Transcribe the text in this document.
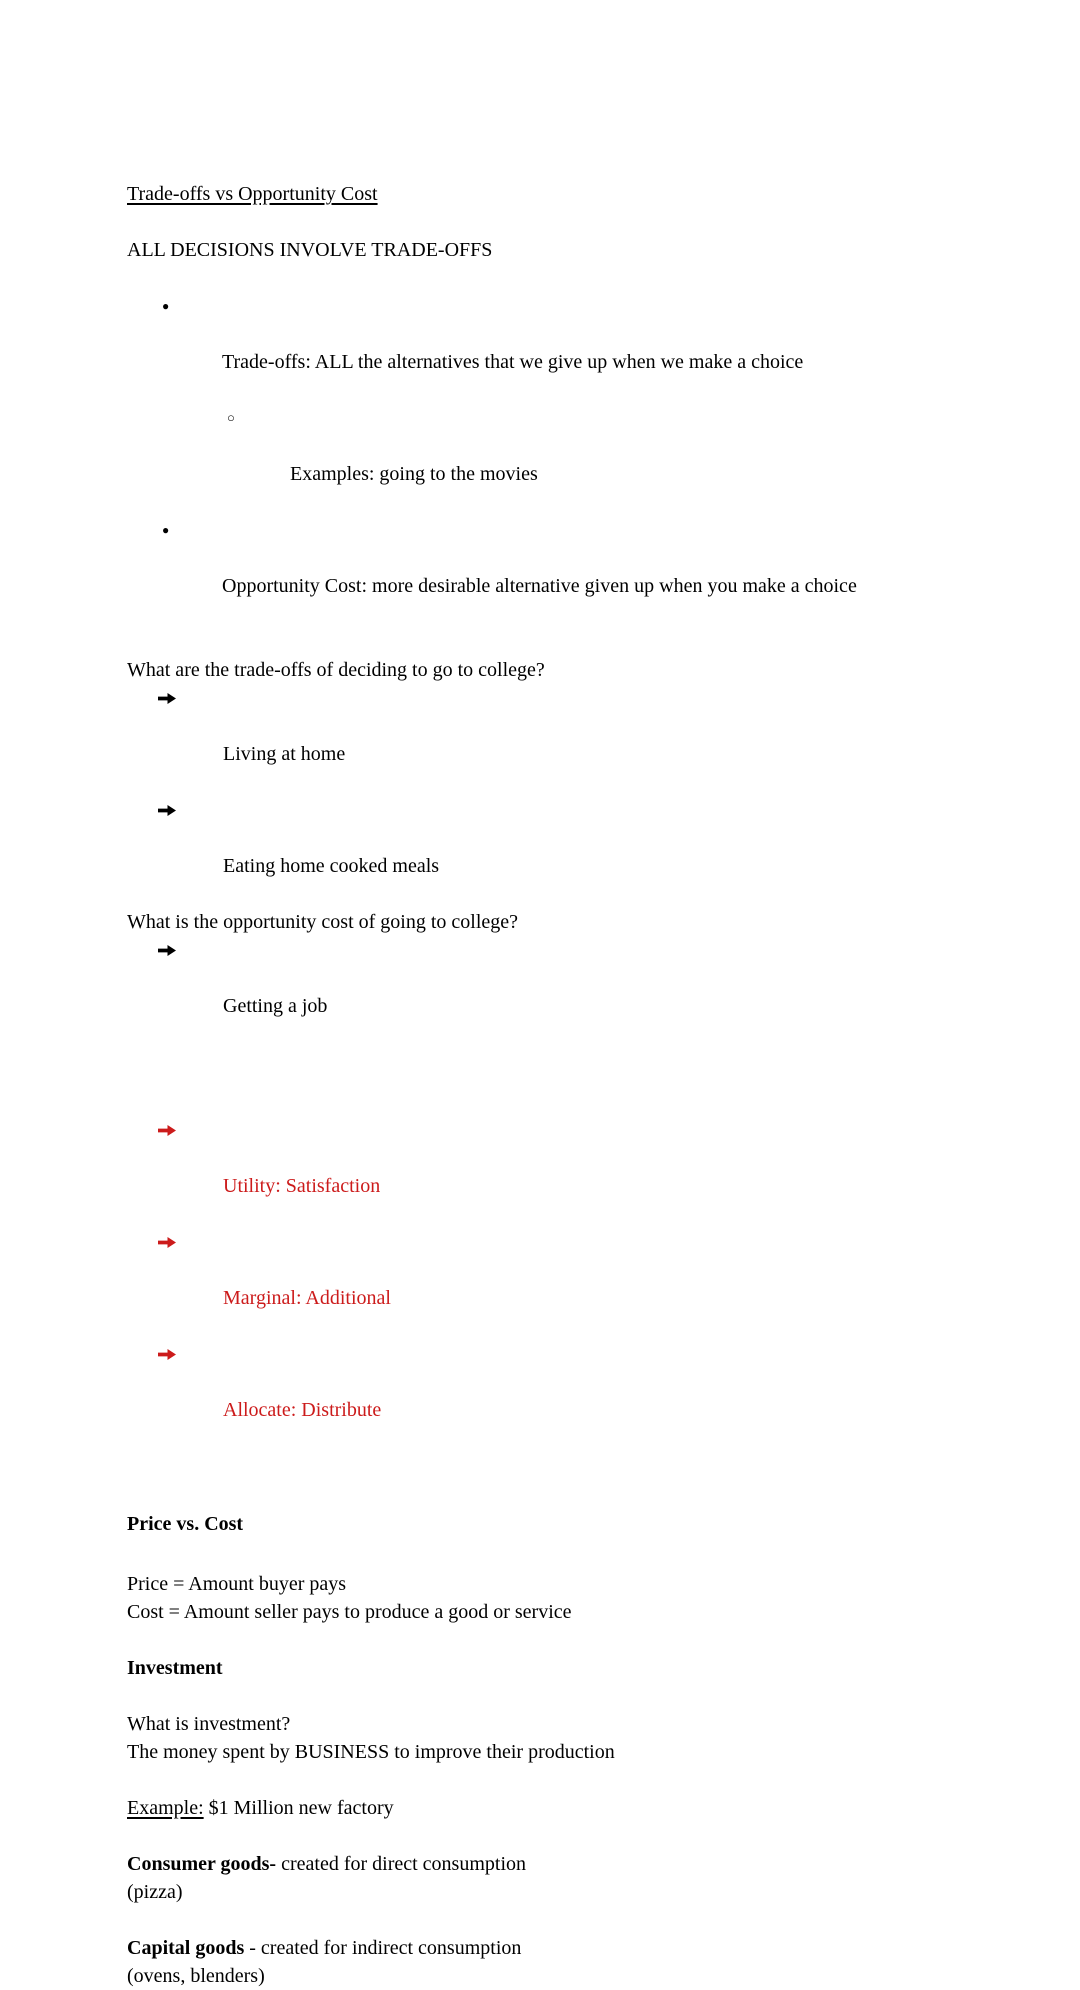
Trade-offs vs Opportunity Cost
ALL DECISIONS INVOLVE TRADE-OFFS

●

Trade-offs: ALL the alternatives that we give up when we make a choice

○

Examples: going to the movies

●

Opportunity Cost: more desirable alternative given up when you make a choice

What are the trade-offs of deciding to go to college?

Living at home

Eating home cooked meals

What is the opportunity cost of going to college?

Getting a job

Utility: Satisfaction

Marginal: Additional

Allocate: Distribute

Price vs. Cost
Price = Amount buyer pays
Cost = Amount seller pays to produce a good or service
Investment
What is investment?
The money spent by BUSINESS to improve their production
Example: $1 Million new factory
Consumer goods- created for direct consumption
(pizza)
Capital goods - created for indirect consumption
(ovens, blenders)
